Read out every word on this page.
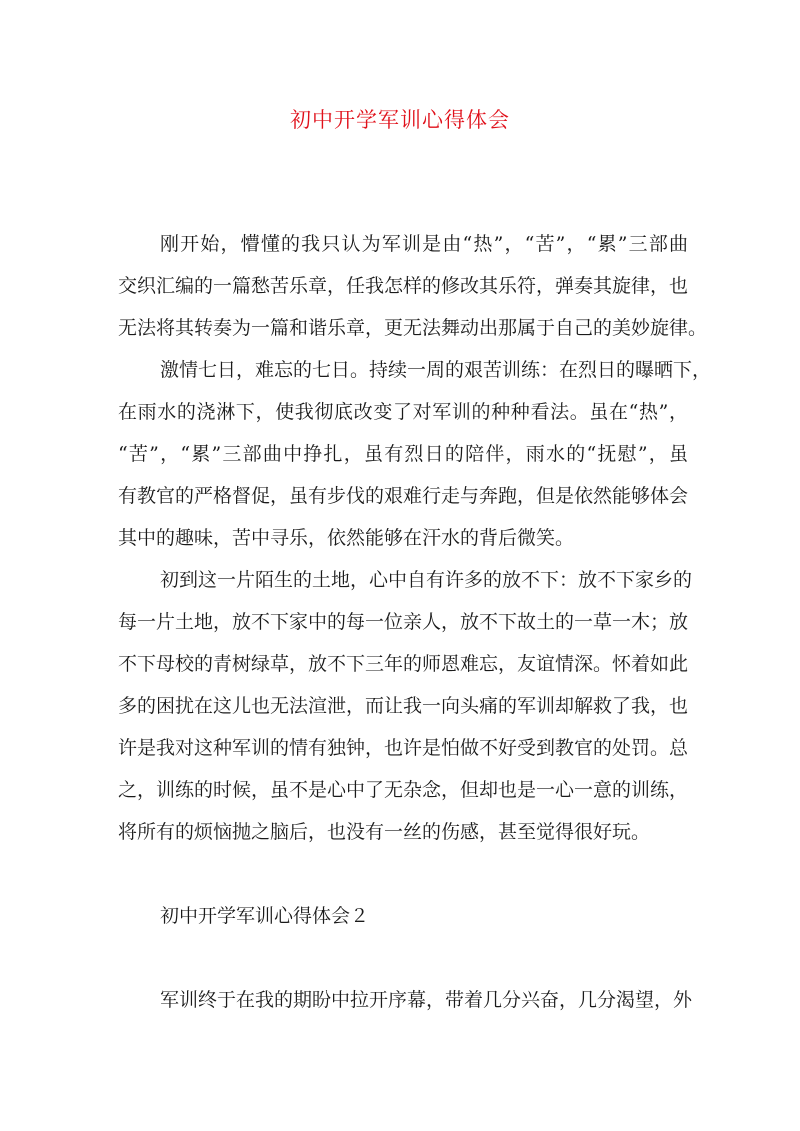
初中开学军训心得体会
刚开始，懵懂的我只认为军训是由“热”，“苦”，“累”三部曲
交织汇编的一篇愁苦乐章，任我怎样的修改其乐符，弹奏其旋律，也
无法将其转奏为一篇和谐乐章，更无法舞动出那属于自己的美妙旋律。
激情七日，难忘的七日。持续一周的艰苦训练：在烈日的曝晒下，
在雨水的浇淋下，使我彻底改变了对军训的种种看法。虽在“热”，
“苦”，“累”三部曲中挣扎，虽有烈日的陪伴，雨水的“抚慰”，虽
有教官的严格督促，虽有步伐的艰难行走与奔跑，但是依然能够体会
其中的趣味，苦中寻乐，依然能够在汗水的背后微笑。
初到这一片陌生的土地，心中自有许多的放不下：放不下家乡的
每一片土地，放不下家中的每一位亲人，放不下故土的一草一木；放
不下母校的青树绿草，放不下三年的师恩难忘，友谊情深。怀着如此
多的困扰在这儿也无法渲泄，而让我一向头痛的军训却解救了我，也
许是我对这种军训的情有独钟，也许是怕做不好受到教官的处罚。总
之，训练的时候，虽不是心中了无杂念，但却也是一心一意的训练，
将所有的烦恼抛之脑后，也没有一丝的伤感，甚至觉得很好玩。
初中开学军训心得体会２
军训终于在我的期盼中拉开序幕，带着几分兴奋，几分渴望，外
